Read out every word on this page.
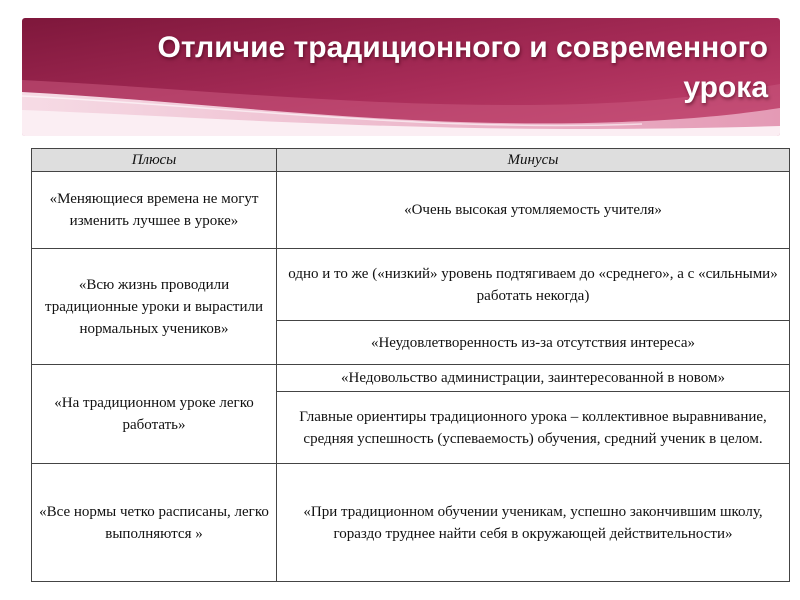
Отличие традиционного и современного урока
Плюсы	Минусы
«Меняющиеся времена не могут изменить лучшее в уроке»	«Очень высокая утомляемость учителя»
«Всю жизнь проводили традиционные уроки и вырастили нормальных учеников»	одно и то же («низкий» уровень подтягиваем до «среднего», а с «сильными» работать некогда)
	«Неудовлетворенность из-за отсутствия интереса»
«На традиционном уроке легко работать»	«Недовольство администрации, заинтересованной в новом»
	Главные ориентиры традиционного урока – коллективное выравнивание, средняя успешность (успеваемость) обучения, средний ученик в целом.
«Все нормы четко расписаны, легко выполняются »	«При традиционном обучении ученикам, успешно закончившим школу, гораздо труднее найти себя в окружающей действительности»
